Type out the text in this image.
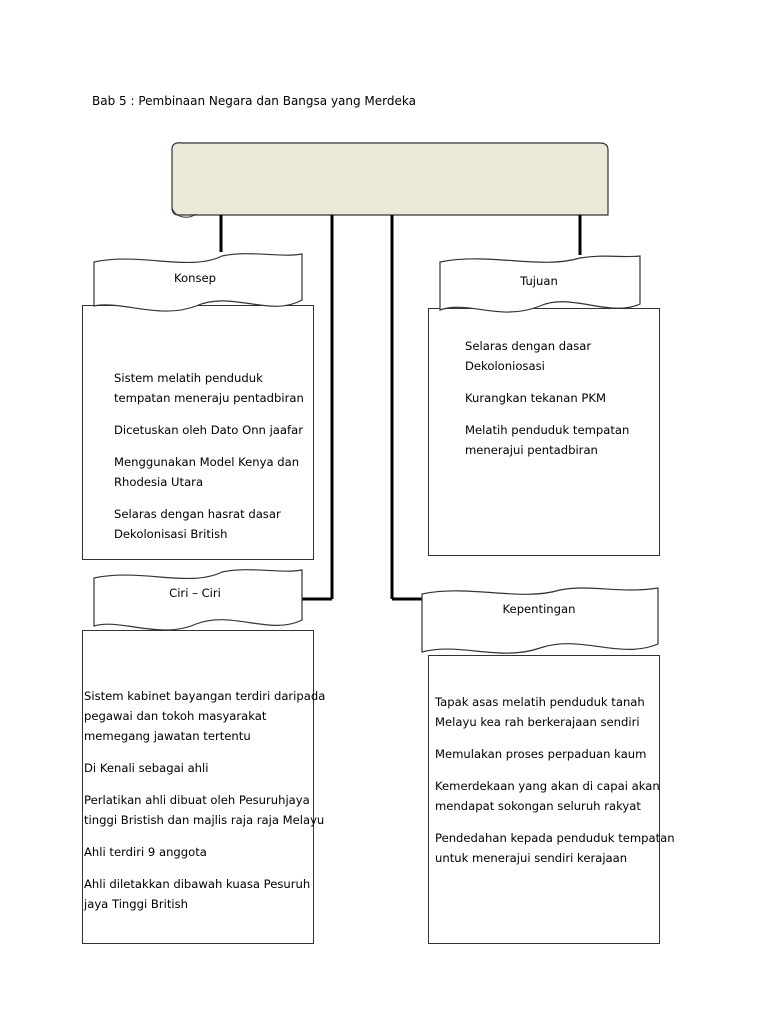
Bab 5 : Pembinaan Negara dan Bangsa yang Merdeka
Konsep	Tujuan
Ciri – Ciri
Kepentingan
Sistem melatih penduduk tempatan meneraju pentadbiran
Dicetuskan oleh Dato Onn jaafar
Menggunakan Model Kenya dan Rhodesia Utara
Selaras dengan hasrat dasar Dekolonisasi British
Selaras dengan dasar Dekoloniosasi
Kurangkan tekanan PKM
Melatih penduduk tempatan menerajui pentadbiran
Sistem kabinet bayangan terdiri daripada pegawai dan tokoh masyarakat memegang jawatan tertentu
Di Kenali sebagai ahli
Perlatikan ahli dibuat oleh Pesuruhjaya tinggi Bristish dan majlis raja raja Melayu
Ahli terdiri 9 anggota
Ahli diletakkan dibawah kuasa Pesuruh jaya Tinggi British
Tapak asas melatih penduduk tanah Melayu kea rah berkerajaan sendiri
Memulakan proses perpaduan kaum
Kemerdekaan yang akan di capai akan mendapat sokongan seluruh rakyat
Pendedahan kepada penduduk tempatan untuk menerajui sendiri kerajaan
